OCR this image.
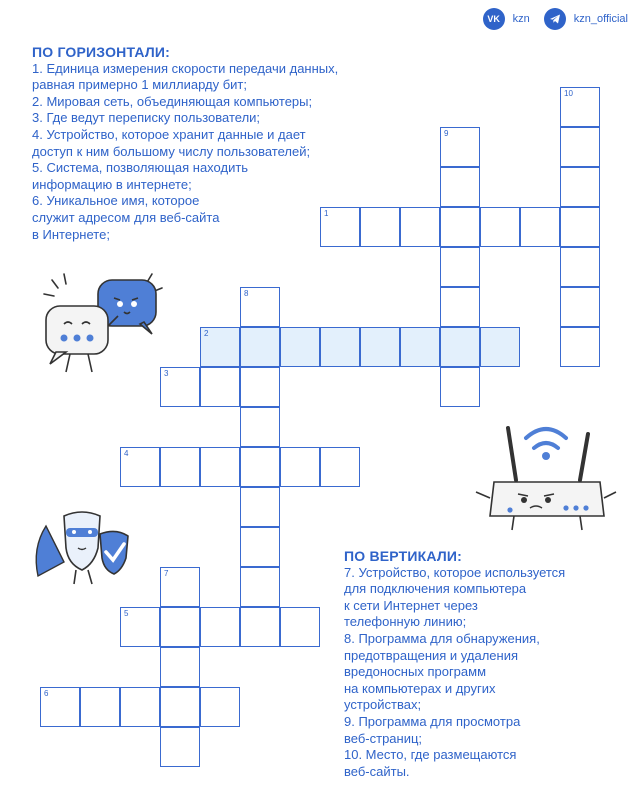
VK	kzn	kzn_official
ПО ГОРИЗОНТАЛИ:
1. Единица измерения скорости передачи данных,
равная примерно 1 миллиарду бит;
2. Мировая сеть, объединяющая компьютеры;
3. Где ведут переписку пользователи;
4. Устройство, которое хранит данные и дает
доступ к ним большому числу пользователей;
5. Система, позволяющая находить
информацию в интернете;
6. Уникальное имя, которое
служит адресом для веб-сайта
в Интернете;
ПО ВЕРТИКАЛИ:
7. Устройство, которое используется
для подключения компьютера
к сети Интернет через
телефонную линию;
8. Программа для обнаружения,
предотвращения и удаления
вредоносных программ
на компьютерах и других
устройствах;
9. Программа для просмотра
веб-страниц;
10. Место, где размещаются
веб-сайты.
1
2
3
4
5
6
7
8
9
10
